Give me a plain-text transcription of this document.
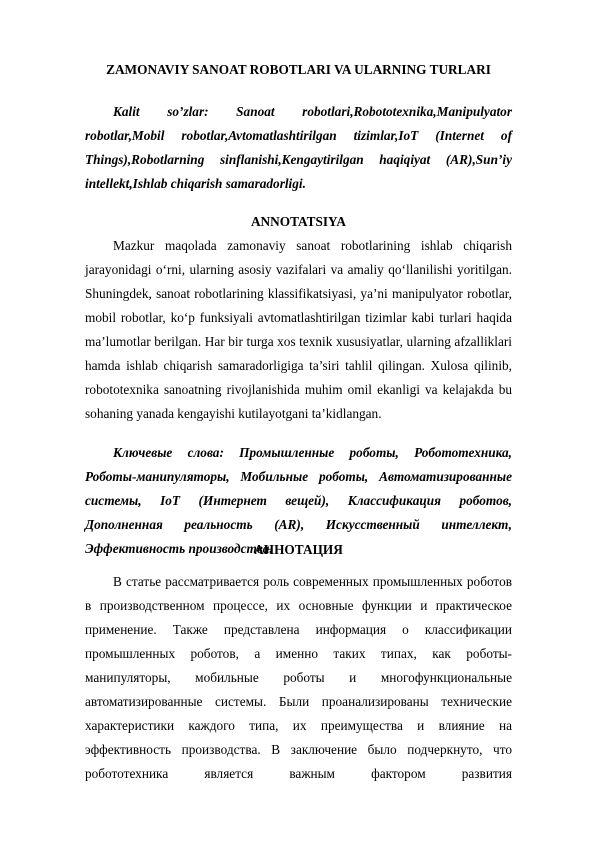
ZAMONAVIY SANOAT ROBOTLARI VA ULARNING TURLARI
Kalit so’zlar: Sanoat robotlari,Robototexnika,Manipulyator robotlar,Mobil robotlar,Avtomatlashtirilgan tizimlar,IoT (Internet of Things),Robotlarning sinflanishi,Kengaytirilgan haqiqiyat (AR),Sun’iy intellekt,Ishlab chiqarish samaradorligi.
ANNOTATSIYA
Mazkur maqolada zamonaviy sanoat robotlarining ishlab chiqarish jarayonidagi o‘rni, ularning asosiy vazifalari va amaliy qo‘llanilishi yoritilgan. Shuningdek, sanoat robotlarining klassifikatsiyasi, ya’ni manipulyator robotlar, mobil robotlar, ko‘p funksiyali avtomatlashtirilgan tizimlar kabi turlari haqida ma’lumotlar berilgan. Har bir turga xos texnik xususiyatlar, ularning afzalliklari hamda ishlab chiqarish samaradorligiga ta’siri tahlil qilingan. Xulosa qilinib, robototexnika sanoatning rivojlanishida muhim omil ekanligi va kelajakda bu sohaning yanada kengayishi kutilayotgani ta’kidlangan.
Ключевые слова: Промышленные роботы, Робототехника, Роботы-манипуляторы, Мобильные роботы, Автоматизированные системы, IoT (Интернет вещей), Классификация роботов, Дополненная реальность (AR), Искусственный интеллект, Эффективность производства.
АННОТАЦИЯ
В статье рассматривается роль современных промышленных роботов в производственном процессе, их основные функции и практическое применение. Также представлена информация о классификации промышленных роботов, а именно таких типах, как роботы-манипуляторы, мобильные роботы и многофункциональные автоматизированные системы. Были проанализированы технические характеристики каждого типа, их преимущества и влияние на эффективность производства. В заключение было подчеркнуто, что робототехника является важным фактором развития
